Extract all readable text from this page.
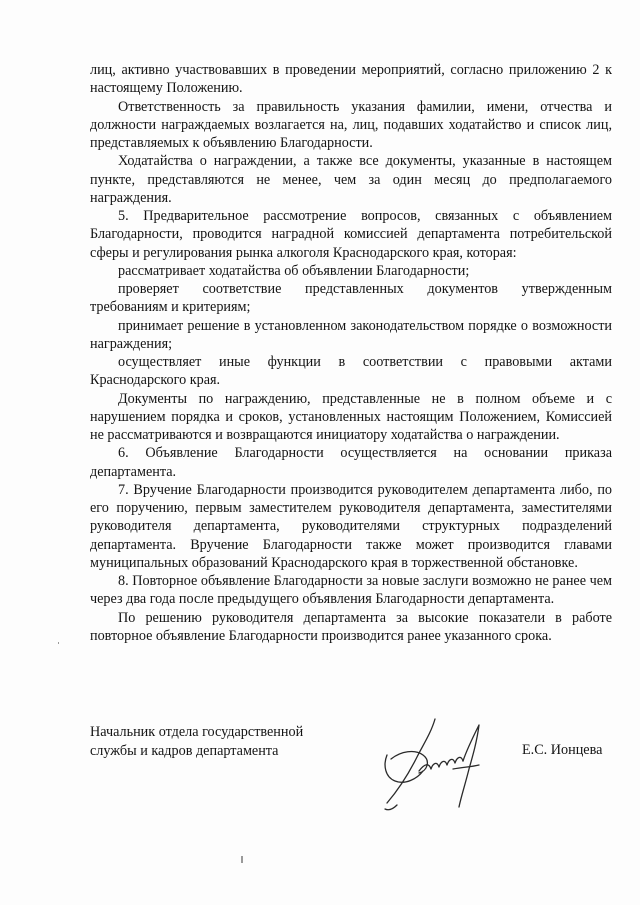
лиц, активно участвовавших в проведении мероприятий, согласно приложению 2 к настоящему Положению.

Ответственность за правильность указания фамилии, имени, отчества и должности награждаемых возлагается на, лиц, подавших ходатайство и список лиц, представляемых к объявлению Благодарности.

Ходатайства о награждении, а также все документы, указанные в настоящем пункте, представляются не менее, чем за один месяц до предполагаемого награждения.

5. Предварительное рассмотрение вопросов, связанных с объявлением Благодарности, проводится наградной комиссией департамента потребительской сферы и регулирования рынка алкоголя Краснодарского края, которая:

рассматривает ходатайства об объявлении Благодарности;

проверяет соответствие представленных документов утвержденным требованиям и критериям;

принимает решение в установленном законодательством порядке о возможности награждения;

осуществляет иные функции в соответствии с правовыми актами Краснодарского края.

Документы по награждению, представленные не в полном объеме и с нарушением порядка и сроков, установленных настоящим Положением, Комиссией не рассматриваются и возвращаются инициатору ходатайства о награждении.

6. Объявление Благодарности осуществляется на основании приказа департамента.

7. Вручение Благодарности производится руководителем департамента либо, по его поручению, первым заместителем руководителя департамента, заместителями руководителя департамента, руководителями структурных подразделений департамента. Вручение Благодарности также может производится главами муниципальных образований Краснодарского края в торжественной обстановке.

8. Повторное объявление Благодарности за новые заслуги возможно не ранее чем через два года после предыдущего объявления Благодарности департамента.

По решению руководителя департамента за высокие показатели в работе повторное объявление Благодарности производится ранее указанного срока.

Начальник отдела государственной
службы и кадров департамента	Е.С. Ионцева
